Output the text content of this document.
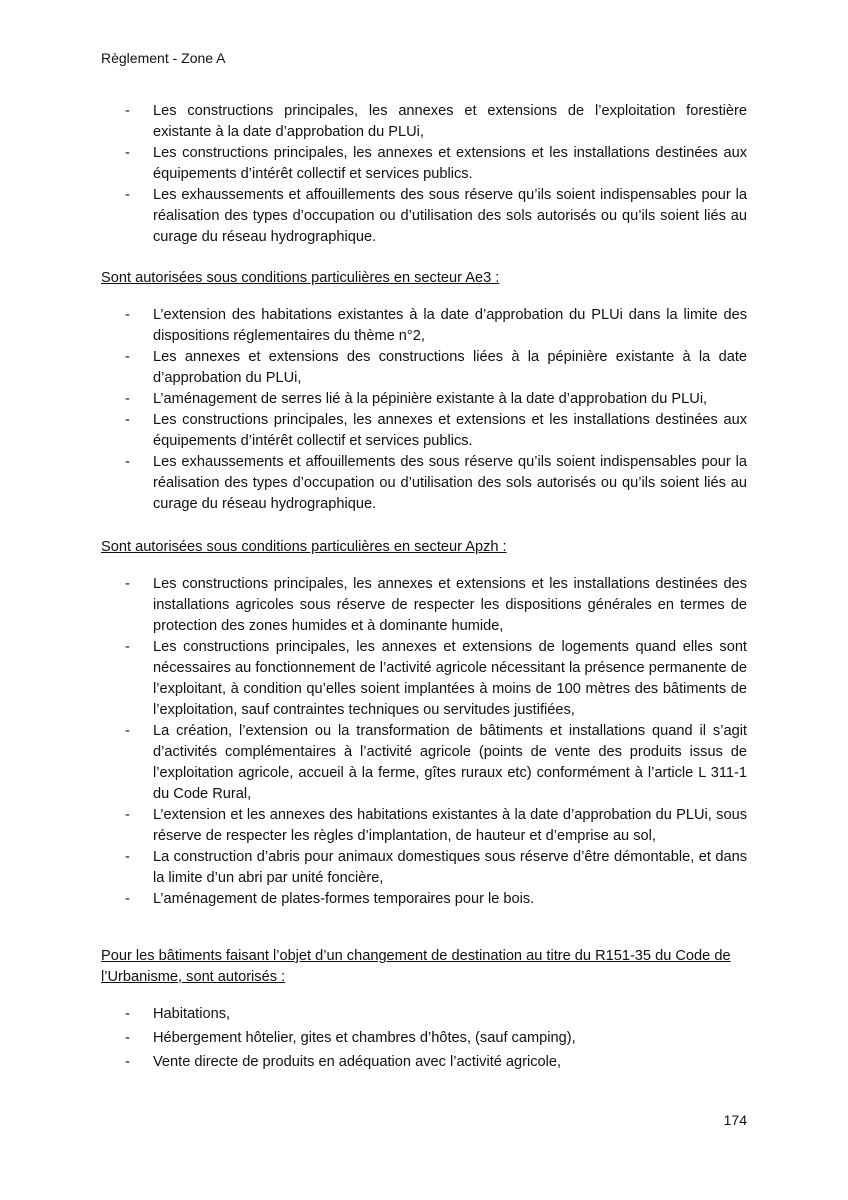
Règlement - Zone A
- Les constructions principales, les annexes et extensions de l’exploitation forestière existante à la date d’approbation du PLUi,
- Les constructions principales, les annexes et extensions et les installations destinées aux équipements d’intérêt collectif et services publics.
- Les exhaussements et affouillements des sous réserve qu’ils soient indispensables pour la réalisation des types d’occupation ou d’utilisation des sols autorisés ou qu’ils soient liés au curage du réseau hydrographique.

Sont autorisées sous conditions particulières en secteur Ae3 :

- L’extension des habitations existantes à la date d’approbation du PLUi dans la limite des dispositions réglementaires du thème n°2,
- Les annexes et extensions des constructions liées à la pépinière existante à la date d’approbation du PLUi,
- L’aménagement de serres lié à la pépinière existante à la date d’approbation du PLUi,
- Les constructions principales, les annexes et extensions et les installations destinées aux équipements d’intérêt collectif et services publics.
- Les exhaussements et affouillements des sous réserve qu’ils soient indispensables pour la réalisation des types d’occupation ou d’utilisation des sols autorisés ou qu’ils soient liés au curage du réseau hydrographique.

Sont autorisées sous conditions particulières en secteur Apzh :

- Les constructions principales, les annexes et extensions et les installations destinées des installations agricoles sous réserve de respecter les dispositions générales en termes de protection des zones humides et à dominante humide,
- Les constructions principales, les annexes et extensions de logements quand elles sont nécessaires au fonctionnement de l’activité agricole nécessitant la présence permanente de l’exploitant, à condition qu’elles soient implantées à moins de 100 mètres des bâtiments de l’exploitation, sauf contraintes techniques ou servitudes justifiées,
- La création, l’extension ou la transformation de bâtiments et installations quand il s’agit d’activités complémentaires à l’activité agricole (points de vente des produits issus de l’exploitation agricole, accueil à la ferme, gîtes ruraux etc) conformément à l’article L 311-1 du Code Rural,
- L’extension et les annexes des habitations existantes à la date d’approbation du PLUi, sous réserve de respecter les règles d’implantation, de hauteur et d’emprise au sol,
- La construction d’abris pour animaux domestiques sous réserve d’être démontable, et dans la limite d’un abri par unité foncière,
- L’aménagement de plates-formes temporaires pour le bois.

Pour les bâtiments faisant l’objet d’un changement de destination au titre du R151-35 du Code de l’Urbanisme, sont autorisés :

- Habitations,
- Hébergement hôtelier, gites et chambres d’hôtes, (sauf camping),
- Vente directe de produits en adéquation avec l’activité agricole,
174
